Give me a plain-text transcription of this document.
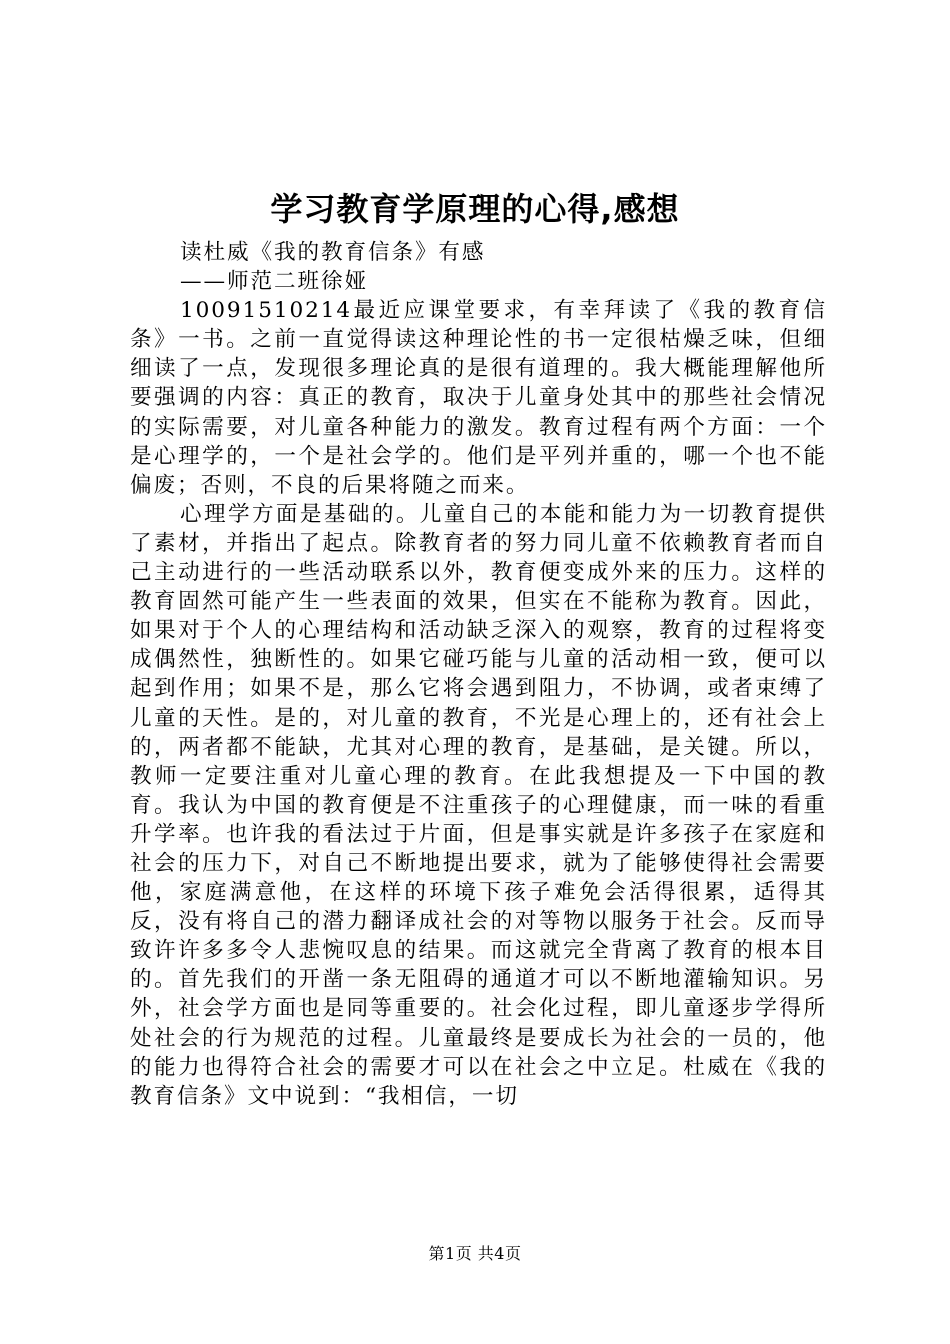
学习教育学原理的心得,感想

读杜威《我的教育信条》有感

——师范二班徐娅

10091510214最近应课堂要求，有幸拜读了《我的教育信条》一书。之前一直觉得读这种理论性的书一定很枯燥乏味，但细细读了一点，发现很多理论真的是很有道理的。我大概能理解他所要强调的内容：真正的教育，取决于儿童身处其中的那些社会情况的实际需要，对儿童各种能力的激发。教育过程有两个方面：一个是心理学的，一个是社会学的。他们是平列并重的，哪一个也不能偏废；否则，不良的后果将随之而来。

心理学方面是基础的。儿童自己的本能和能力为一切教育提供了素材，并指出了起点。除教育者的努力同儿童不依赖教育者而自己主动进行的一些活动联系以外，教育便变成外来的压力。这样的教育固然可能产生一些表面的效果，但实在不能称为教育。因此，如果对于个人的心理结构和活动缺乏深入的观察，教育的过程将变成偶然性，独断性的。如果它碰巧能与儿童的活动相一致，便可以起到作用；如果不是，那么它将会遇到阻力，不协调，或者束缚了儿童的天性。是的，对儿童的教育，不光是心理上的，还有社会上的，两者都不能缺，尤其对心理的教育，是基础，是关键。所以，教师一定要注重对儿童心理的教育。在此我想提及一下中国的教育。我认为中国的教育便是不注重孩子的心理健康，而一味的看重升学率。也许我的看法过于片面，但是事实就是许多孩子在家庭和社会的压力下，对自己不断地提出要求，就为了能够使得社会需要他，家庭满意他，在这样的环境下孩子难免会活得很累，适得其反，没有将自己的潜力翻译成社会的对等物以服务于社会。反而导致许许多多令人悲惋叹息的结果。而这就完全背离了教育的根本目的。首先我们的开凿一条无阻碍的通道才可以不断地灌输知识。另外，社会学方面也是同等重要的。社会化过程，即儿童逐步学得所处社会的行为规范的过程。儿童最终是要成长为社会的一员的，他的能力也得符合社会的需要才可以在社会之中立足。杜威在《我的教育信条》文中说到：“我相信，一切

第1页 共4页
